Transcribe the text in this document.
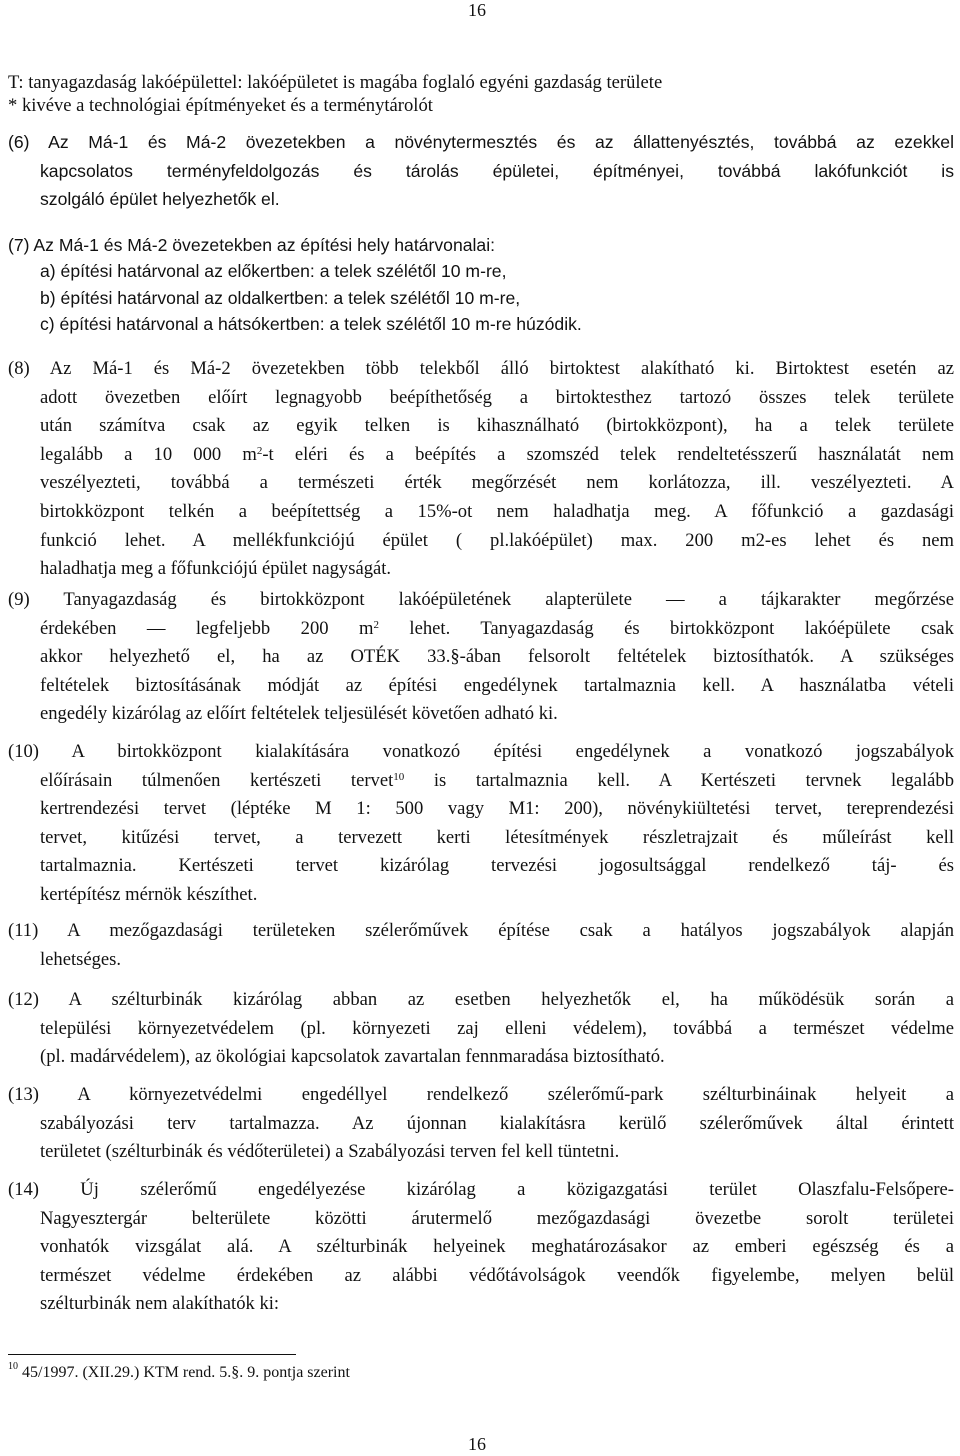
16
T: tanyagazdaság lakóépülettel: lakóépületet is magába foglaló egyéni gazdaság területe
* kivéve a technológiai építményeket és a terménytárolót
(6) Az Má-1 és Má-2 övezetekben a növénytermesztés és az állattenyésztés, továbbá az ezekkel
kapcsolatos terményfeldolgozás és tárolás épületei, építményei, továbbá lakófunkciót is
szolgáló épület helyezhetők el.
(7) Az Má-1 és Má-2 övezetekben az építési hely határvonalai:
a) építési határvonal az előkertben: a telek szélétől 10 m-re,
b) építési határvonal az oldalkertben: a telek szélétől 10 m-re,
c) építési határvonal a hátsókertben: a telek szélétől 10 m-re húzódik.
(8) Az Má-1 és Má-2 övezetekben több telekből álló birtoktest alakítható ki. Birtoktest esetén az
adott övezetben előírt legnagyobb beépíthetőség a birtoktesthez tartozó összes telek területe
után számítva csak az egyik telken is kihasználható (birtokközpont), ha a telek területe
legalább a 10 000 $m^2-t$ eléri és a beépítés a szomszéd telek rendeltetésszerű használatát nem
veszélyezteti, továbbá a természeti érték megőrzését nem korlátozza, ill. veszélyezteti. A
birtokközpont telkén a beépítettség a 15%-ot nem haladhatja meg. A főfunkció a gazdasági
funkció lehet. A mellékfunkciójú épület ( pl.lakóépület) max. 200 m2-es lehet és nem
haladhatja meg a főfunkciójú épület nagyságát.
(9) Tanyagazdaság és birtokközpont lakóépületének alapterülete — a tájkarakter megőrzése
érdekében — legfeljebb 200 $m^2$ lehet. Tanyagazdaság és birtokközpont lakóépülete csak
akkor helyezhető el, ha az OTÉK 33.§-ában felsorolt feltételek biztosíthatók. A szükséges
feltételek biztosításának módját az építési engedélynek tartalmaznia kell. A használatba vételi
engedély kizárólag az előírt feltételek teljesülését követően adható ki.
(10) A birtokközpont kialakítására vonatkozó építési engedélynek a vonatkozó jogszabályok
előírásain túlmenően kertészeti tervet$^{10}$ is tartalmaznia kell. A Kertészeti tervnek legalább
kertrendezési tervet (léptéke M 1: 500 vagy M1: 200), növénykiültetési tervet, tereprendezési
tervet, kitűzési tervet, a tervezett kerti létesítmények részletrajzait és műleírást kell
tartalmaznia. Kertészeti tervet kizárólag tervezési jogosultsággal rendelkező táj- és
kertépítész mérnök készíthet.
(11) A mezőgazdasági területeken szélerőművek építése csak a hatályos jogszabályok alapján
lehetséges.
(12) A szélturbinák kizárólag abban az esetben helyezhetők el, ha működésük során a
települési környezetvédelem (pl. környezeti zaj elleni védelem), továbbá a természet védelme
(pl. madárvédelem), az ökológiai kapcsolatok zavartalan fennmaradása biztosítható.
(13) A környezetvédelmi engedéllyel rendelkező szélerőmű-park szélturbináinak helyeit a
szabályozási terv tartalmazza. Az újonnan kialakításra kerülő szélerőművek által érintett
területet (szélturbinák és védőterületei) a Szabályozási terven fel kell tüntetni.
(14) Új szélerőmű engedélyezése kizárólag a közigazgatási terület Olaszfalu-Felsőpere-
Nagyesztergár belterülete közötti árutermelő mezőgazdasági övezetbe sorolt területei
vonhatók vizsgálat alá. A szélturbinák helyeinek meghatározásakor az emberi egészség és a
természet védelme érdekében az alábbi védőtávolságok veendők figyelembe, melyen belül
szélturbinák nem alakíthatók ki:
$^{10}$ 45/1997. (XII.29.) KTM rend. 5.§. 9. pontja szerint
16
